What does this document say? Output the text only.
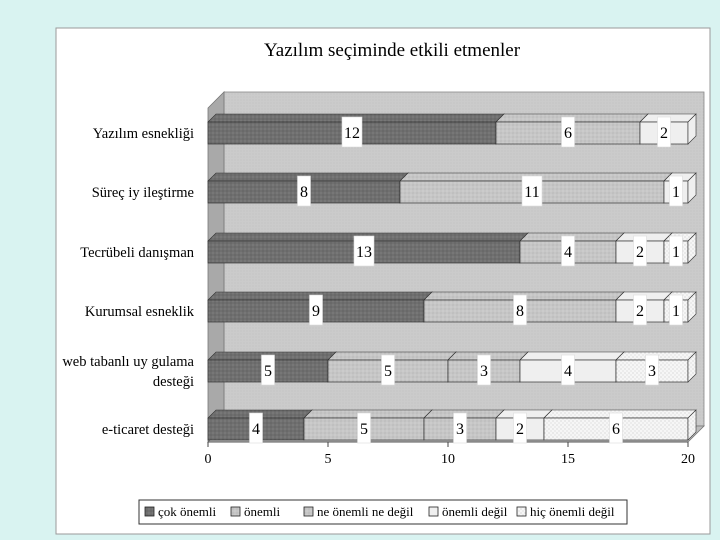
Yazılım seçiminde etkili etmenler
12	6	2
8	11	1
13	4	2 1
9	8	2 1
5	5	3	4	3
4	5	3	2	6
Yazılım esnekliği
Süreç iy ileştirme
Tecrübeli danışman
Kurumsal esneklik
web tabanlı uy gulama
desteği
e-ticaret desteği
0	5	10	15	20
çok önemli önemli	ne önemli ne değil önemli değil hiç önemli değil
